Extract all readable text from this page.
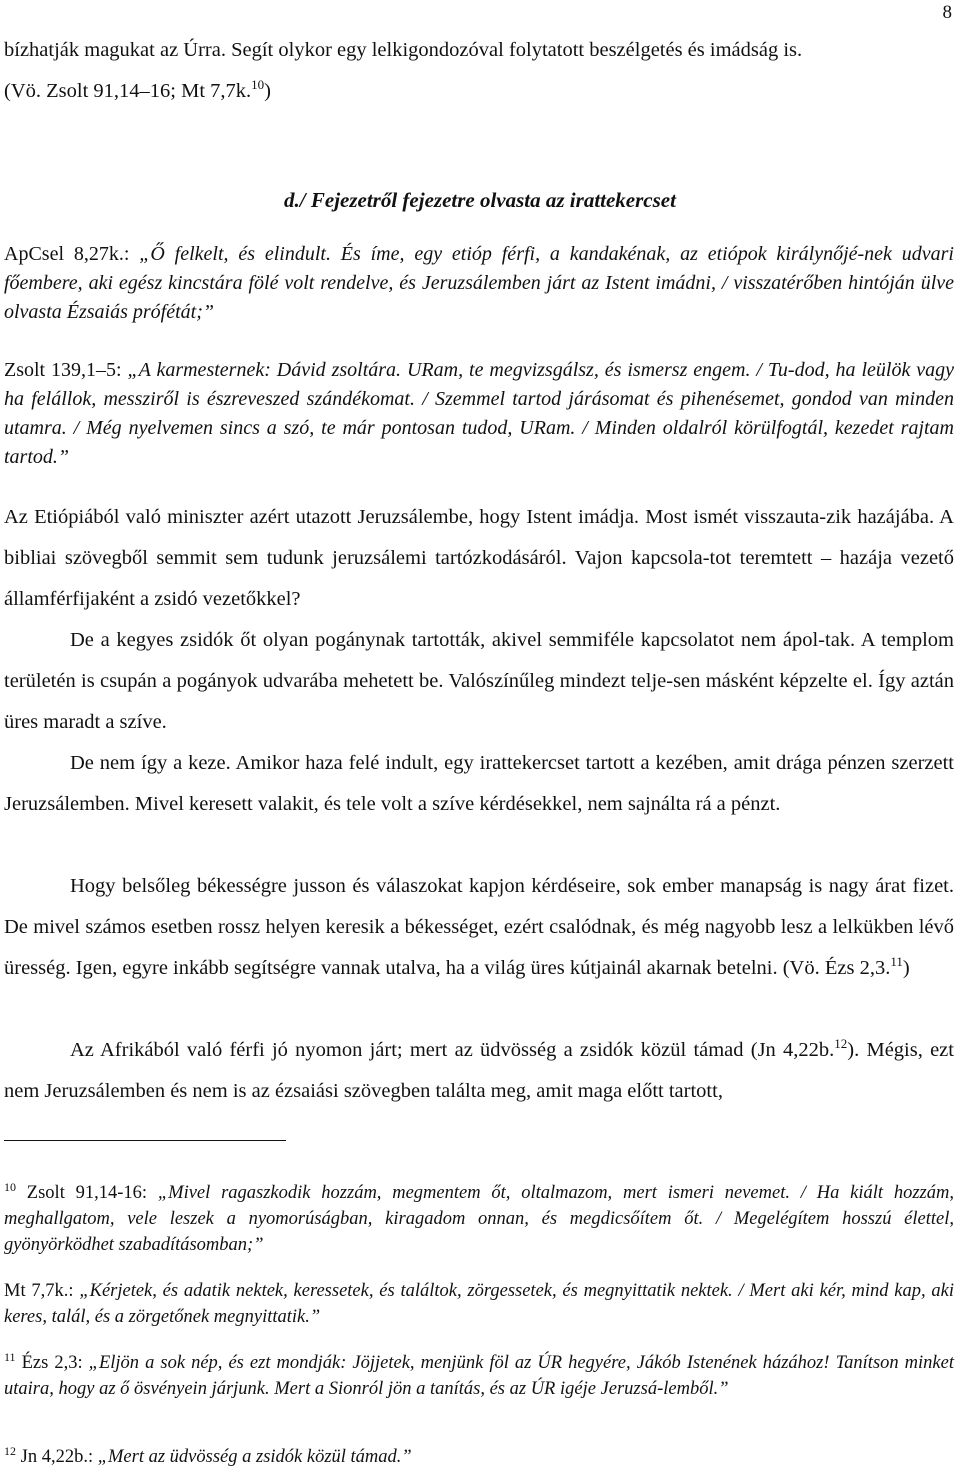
8

bízhatják magukat az Úrra. Segít olykor egy lelkigondozóval folytatott beszélgetés és imádság is.
(Vö. Zsolt 91,14–16; Mt 7,7k.$^{10}$)

d./ Fejezetről fejezetre olvasta az irattekercset

ApCsel 8,27k.: „Ő felkelt, és elindult. És íme, egy etióp férfi, a kandakénak, az etiópok királynőjé-nek udvari főembere, aki egész kincstára fölé volt rendelve, és Jeruzsálemben járt az Istent imádni, / visszatérőben hintóján ülve olvasta Ézsaiás prófétát;”

Zsolt 139,1–5: „A karmesternek: Dávid zsoltára. URam, te megvizsgálsz, és ismersz engem. / Tu-dod, ha leülök vagy ha felállok, messziről is észreveszed szándékomat. / Szemmel tartod járásomat és pihenésemet, gondod van minden utamra. / Még nyelvemen sincs a szó, te már pontosan tudod, URam. / Minden oldalról körülfogtál, kezedet rajtam tartod.”

Az Etiópiából való miniszter azért utazott Jeruzsálembe, hogy Istent imádja. Most ismét visszauta-zik hazájába. A bibliai szövegből semmit sem tudunk jeruzsálemi tartózkodásáról. Vajon kapcsola-tot teremtett – hazája vezető államférfijaként a zsidó vezetőkkel?

De a kegyes zsidók őt olyan pogánynak tartották, akivel semmiféle kapcsolatot nem ápol-tak. A templom területén is csupán a pogányok udvarába mehetett be. Valószínűleg mindezt telje-sen másként képzelte el. Így aztán üres maradt a szíve.

De nem így a keze. Amikor haza felé indult, egy irattekercset tartott a kezében, amit drága pénzen szerzett Jeruzsálemben. Mivel keresett valakit, és tele volt a szíve kérdésekkel, nem sajnálta rá a pénzt.

Hogy belsőleg békességre jusson és válaszokat kapjon kérdéseire, sok ember manapság is nagy árat fizet. De mivel számos esetben rossz helyen keresik a békességet, ezért csalódnak, és még nagyobb lesz a lelkükben lévő üresség. Igen, egyre inkább segítségre vannak utalva, ha a világ üres kútjainál akarnak betelni. (Vö. Ézs 2,3.11)

Az Afrikából való férfi jó nyomon járt; mert az üdvösség a zsidók közül támad (Jn 4,22b.$^{12}$). Mégis, ezt nem Jeruzsálemben és nem is az ézsaiási szövegben találta meg, amit maga előtt tartott,

$^{10}$ Zsolt 91,14-16: „Mivel ragaszkodik hozzám, megmentem őt, oltalmazom, mert ismeri nevemet. / Ha kiált hozzám, meghallgatom, vele leszek a nyomorúságban, kiragadom onnan, és megdicsőítem őt. / Megelégítem hosszú élettel, gyönyörködhet szabadításomban;”

Mt 7,7k.: „Kérjetek, és adatik nektek, keressetek, és találtok, zörgessetek, és megnyittatik nektek. / Mert aki kér, mind kap, aki keres, talál, és a zörgetőnek megnyittatik.”

$^{11}$ Ézs 2,3: „Eljön a sok nép, és ezt mondják: Jöjjetek, menjünk föl az ÚR hegyére, Jákób Istenének házához! Tanítson minket utaira, hogy az ő ösvényein járjunk. Mert a Sionról jön a tanítás, és az ÚR igéje Jeruzsá-lemből.”

$^{12}$ Jn 4,22b.: „Mert az üdvösség a zsidók közül támad.”
